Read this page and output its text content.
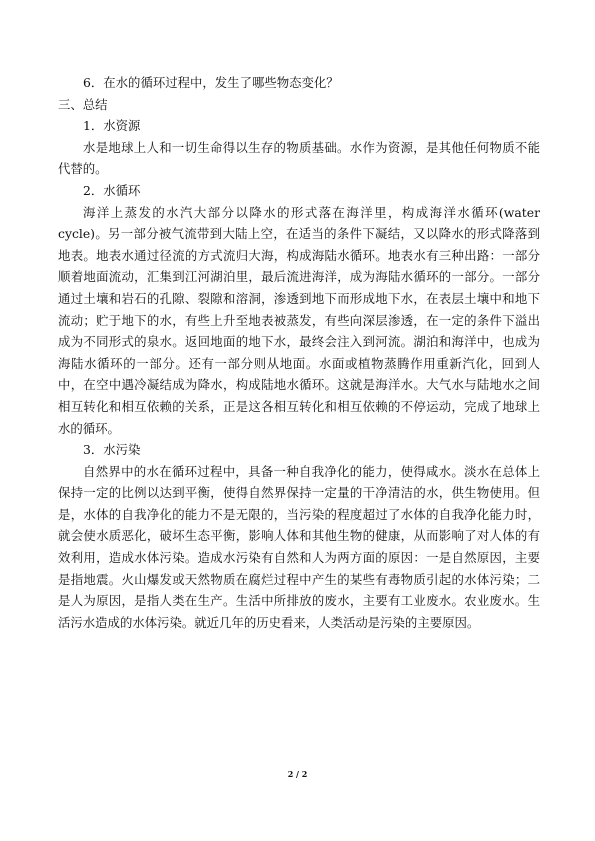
6．在水的循环过程中，发生了哪些物态变化？

三、总结

1．水资源

水是地球上人和一切生命得以生存的物质基础。水作为资源，是其他任何物质不能代替的。

2．水循环

海洋上蒸发的水汽大部分以降水的形式落在海洋里，构成海洋水循环(water cycle)。另一部分被气流带到大陆上空，在适当的条件下凝结，又以降水的形式降落到地表。地表水通过径流的方式流归大海，构成海陆水循环。地表水有三种出路：一部分顺着地面流动，汇集到江河湖泊里，最后流进海洋，成为海陆水循环的一部分。一部分通过土壤和岩石的孔隙、裂隙和溶洞，渗透到地下而形成地下水，在表层土壤中和地下流动；贮于地下的水，有些上升至地表被蒸发，有些向深层渗透，在一定的条件下溢出成为不同形式的泉水。返回地面的地下水，最终会注入到河流。湖泊和海洋中，也成为海陆水循环的一部分。还有一部分则从地面。水面或植物蒸腾作用重新汽化，回到人中，在空中遇冷凝结成为降水，构成陆地水循环。这就是海洋水。大气水与陆地水之间相互转化和相互依赖的关系，正是这各相互转化和相互依赖的不停运动，完成了地球上水的循环。

3．水污染

自然界中的水在循环过程中，具备一种自我净化的能力，使得咸水。淡水在总体上保持一定的比例以达到平衡，使得自然界保持一定量的干净清洁的水，供生物使用。但是，水体的自我净化的能力不是无限的，当污染的程度超过了水体的自我净化能力时，就会使水质恶化，破坏生态平衡，影响人体和其他生物的健康，从而影响了对人体的有效利用，造成水体污染。造成水污染有自然和人为两方面的原因：一是自然原因，主要是指地震。火山爆发或天然物质在腐烂过程中产生的某些有毒物质引起的水体污染；二是人为原因，是指人类在生产。生活中所排放的废水，主要有工业废水。农业废水。生活污水造成的水体污染。就近几年的历史看来，人类活动是污染的主要原因。

2 / 2
